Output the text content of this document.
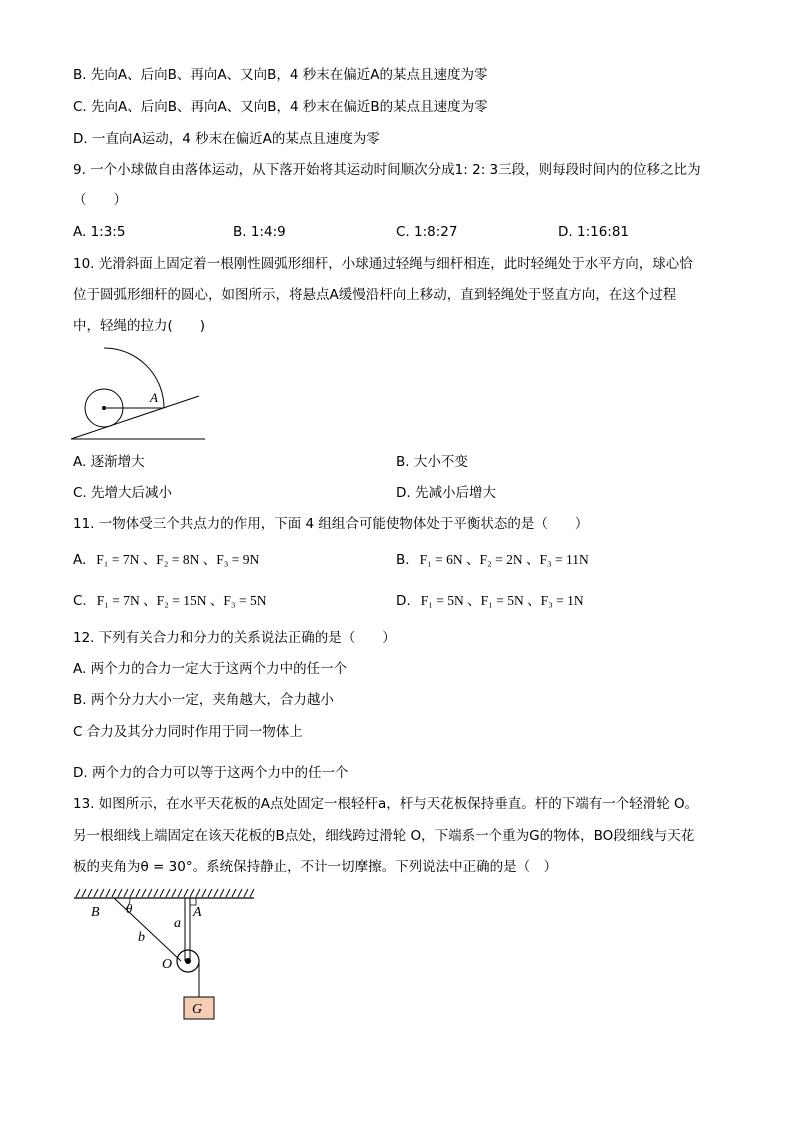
B. 先向A、后向B、再向A、又向B，4 秒末在偏近A的某点且速度为零
C. 先向A、后向B、再向A、又向B，4 秒末在偏近B的某点且速度为零
D. 一直向A运动，4 秒末在偏近A的某点且速度为零
9. 一个小球做自由落体运动，从下落开始将其运动时间顺次分成1: 2: 3三段，则每段时间内的位移之比为
（　　）
A. 1:3:5	B. 1:4:9	C. 1:8:27	D. 1:16:81
10. 光滑斜面上固定着一根刚性圆弧形细杆，小球通过轻绳与细杆相连，此时轻绳处于水平方向，球心恰
位于圆弧形细杆的圆心，如图所示，将悬点A缓慢沿杆向上移动，直到轻绳处于竖直方向，在这个过程
中，轻绳的拉力(　　)
A
A. 逐渐增大	B. 大小不变
C. 先增大后减小	D. 先减小后增大
11. 一物体受三个共点力的作用，下面 4 组组合可能使物体处于平衡状态的是（　　）
A. F₁ = 7N 、F₂ = 8N 、F₃ = 9N	B. F₁ = 6N 、F₂ = 2N 、F₃ = 11N
C. F₁ = 7N 、F₂ = 15N 、F₃ = 5N	D. F₁ = 5N 、F₁ = 5N 、F₃ = 1N
12. 下列有关合力和分力的关系说法正确的是（　　）
A. 两个力的合力一定大于这两个力中的任一个
B. 两个分力大小一定，夹角越大，合力越小
C 合力及其分力同时作用于同一物体上
D. 两个力的合力可以等于这两个力中的任一个
13. 如图所示，在水平天花板的A点处固定一根轻杆a，杆与天花板保持垂直。杆的下端有一个轻滑轮 O。
另一根细线上端固定在该天花板的B点处，细线跨过滑轮 O，下端系一个重为G的物体，BO段细线与天花
板的夹角为θ = 30°。系统保持静止，不计一切摩擦。下列说法中正确的是（　）
B θ	A
a
b
O
G
